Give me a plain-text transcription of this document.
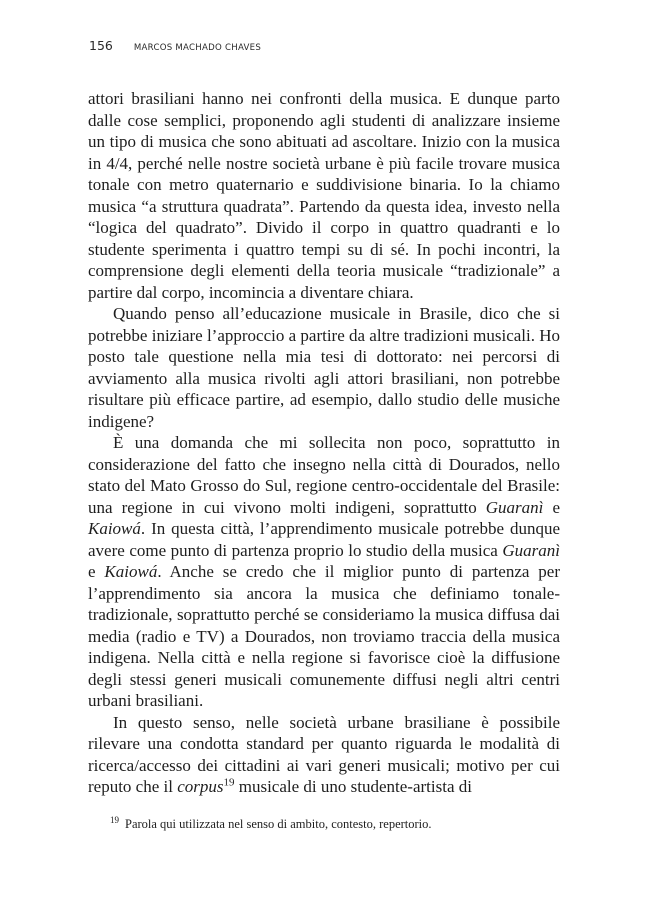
156 MARCOS MACHADO CHAVES

attori brasiliani hanno nei confronti della musica. E dunque parto dalle cose semplici, proponendo agli studenti di analizzare insieme un tipo di musica che sono abituati ad ascoltare. Inizio con la musica in 4/4, perché nelle nostre società urbane è più facile trovare musica tonale con metro quaternario e suddivisione binaria. Io la chiamo musica “a struttura quadrata”. Partendo da questa idea, investo nella “logica del quadrato”. Divido il corpo in quattro quadranti e lo studente sperimenta i quattro tempi su di sé. In pochi incontri, la comprensione degli elementi della teoria musicale “tradizionale” a partire dal corpo, incomincia a diventare chiara.

Quando penso all’educazione musicale in Brasile, dico che si potrebbe iniziare l’approccio a partire da altre tradizioni musicali. Ho posto tale questione nella mia tesi di dottorato: nei percorsi di avviamento alla musica rivolti agli attori brasiliani, non potrebbe risultare più efficace partire, ad esempio, dallo studio delle musiche indigene?

È una domanda che mi sollecita non poco, soprattutto in considerazione del fatto che insegno nella città di Dourados, nello stato del Mato Grosso do Sul, regione centro-occidentale del Brasile: una regione in cui vivono molti indigeni, soprattutto Guaranì e Kaiowá. In questa città, l’apprendimento musicale potrebbe dunque avere come punto di partenza proprio lo studio della musica Guaranì e Kaiowá. Anche se credo che il miglior punto di partenza per l’apprendimento sia ancora la musica che definiamo tonale-tradizionale, soprattutto perché se consideriamo la musica diffusa dai media (radio e TV) a Dourados, non troviamo traccia della musica indigena. Nella città e nella regione si favorisce cioè la diffusione degli stessi generi musicali comunemente diffusi negli altri centri urbani brasiliani.

In questo senso, nelle società urbane brasiliane è possibile rilevare una condotta standard per quanto riguarda le modalità di ricerca/accesso dei cittadini ai vari generi musicali; motivo per cui reputo che il corpus$^{19}$ musicale di uno studente-artista di

$^{19}$ Parola qui utilizzata nel senso di ambito, contesto, repertorio.
